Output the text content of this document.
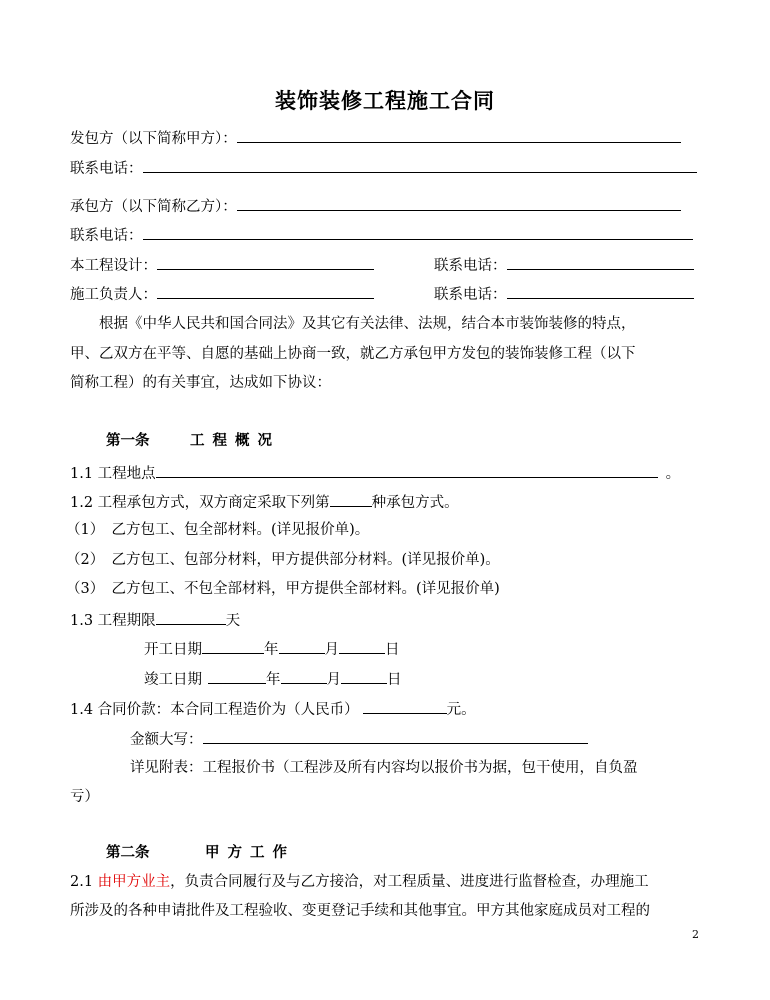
装饰装修工程施工合同
发包方（以下简称甲方）：
联系电话：
承包方（以下简称乙方）：
联系电话：
本工程设计：	联系电话：
施工负责人：	联系电话：
根据《中华人民共和国合同法》及其它有关法律、法规，结合本市装饰装修的特点，
甲、乙双方在平等、自愿的基础上协商一致，就乙方承包甲方发包的装饰装修工程（以下
简称工程）的有关事宜，达成如下协议：
第一条	工程概况
1.1 工程地点	。
1.2 工程承包方式，双方商定采取下列第	种承包方式。
（1）　乙方包工、包全部材料。(详见报价单)。
（2）　乙方包工、包部分材料，甲方提供部分材料。(详见报价单)。
（3）　乙方包工、不包全部材料，甲方提供全部材料。(详见报价单)
1.3 工程期限	天
开工日期	年	月	日
竣工日期	年	月	日
1.4 合同价款：本合同工程造价为（人民币）	元。
金额大写：
详见附表：工程报价书（工程涉及所有内容均以报价书为据，包干使用，自负盈
亏）
第二条	甲方工作
2.1 由甲方业主，负责合同履行及与乙方接洽，对工程质量、进度进行监督检查，办理施工
所涉及的各种申请批件及工程验收、变更登记手续和其他事宜。甲方其他家庭成员对工程的
2
